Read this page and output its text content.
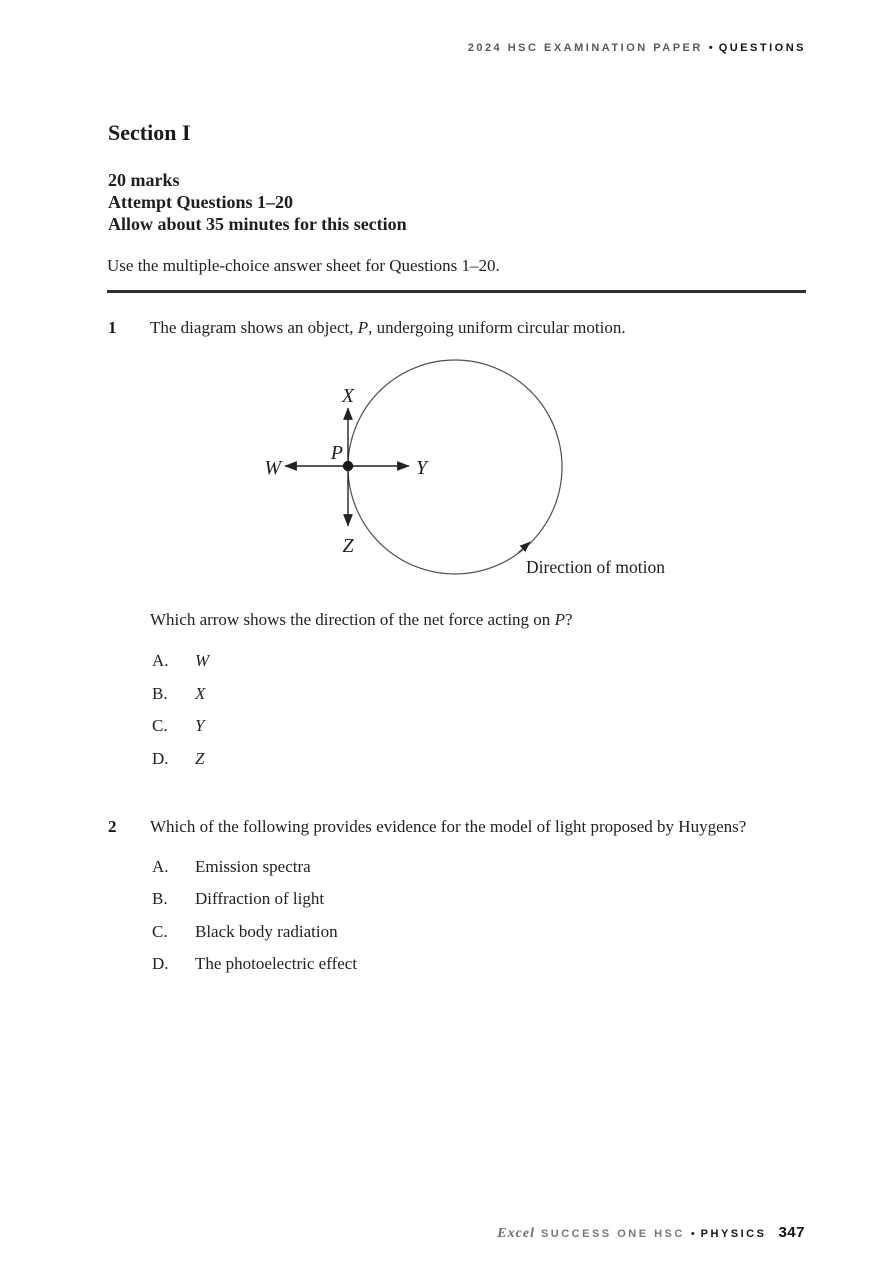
2024 HSC EXAMINATION PAPER • QUESTIONS
Section I
20 marks
Attempt Questions 1–20
Allow about 35 minutes for this section

Use the multiple-choice answer sheet for Questions 1–20.

1 The diagram shows an object, P, undergoing uniform circular motion.

X
Z
W	Y
P
Direction of motion

Which arrow shows the direction of the net force acting on P?

A. W
B. X
C. Y
D. Z
2 Which of the following provides evidence for the model of light proposed by Huygens?

A. Emission spectra
B. Diffraction of light
C. Black body radiation
D. The photoelectric effect
Excel SUCCESS ONE HSC • PHYSICS 347
